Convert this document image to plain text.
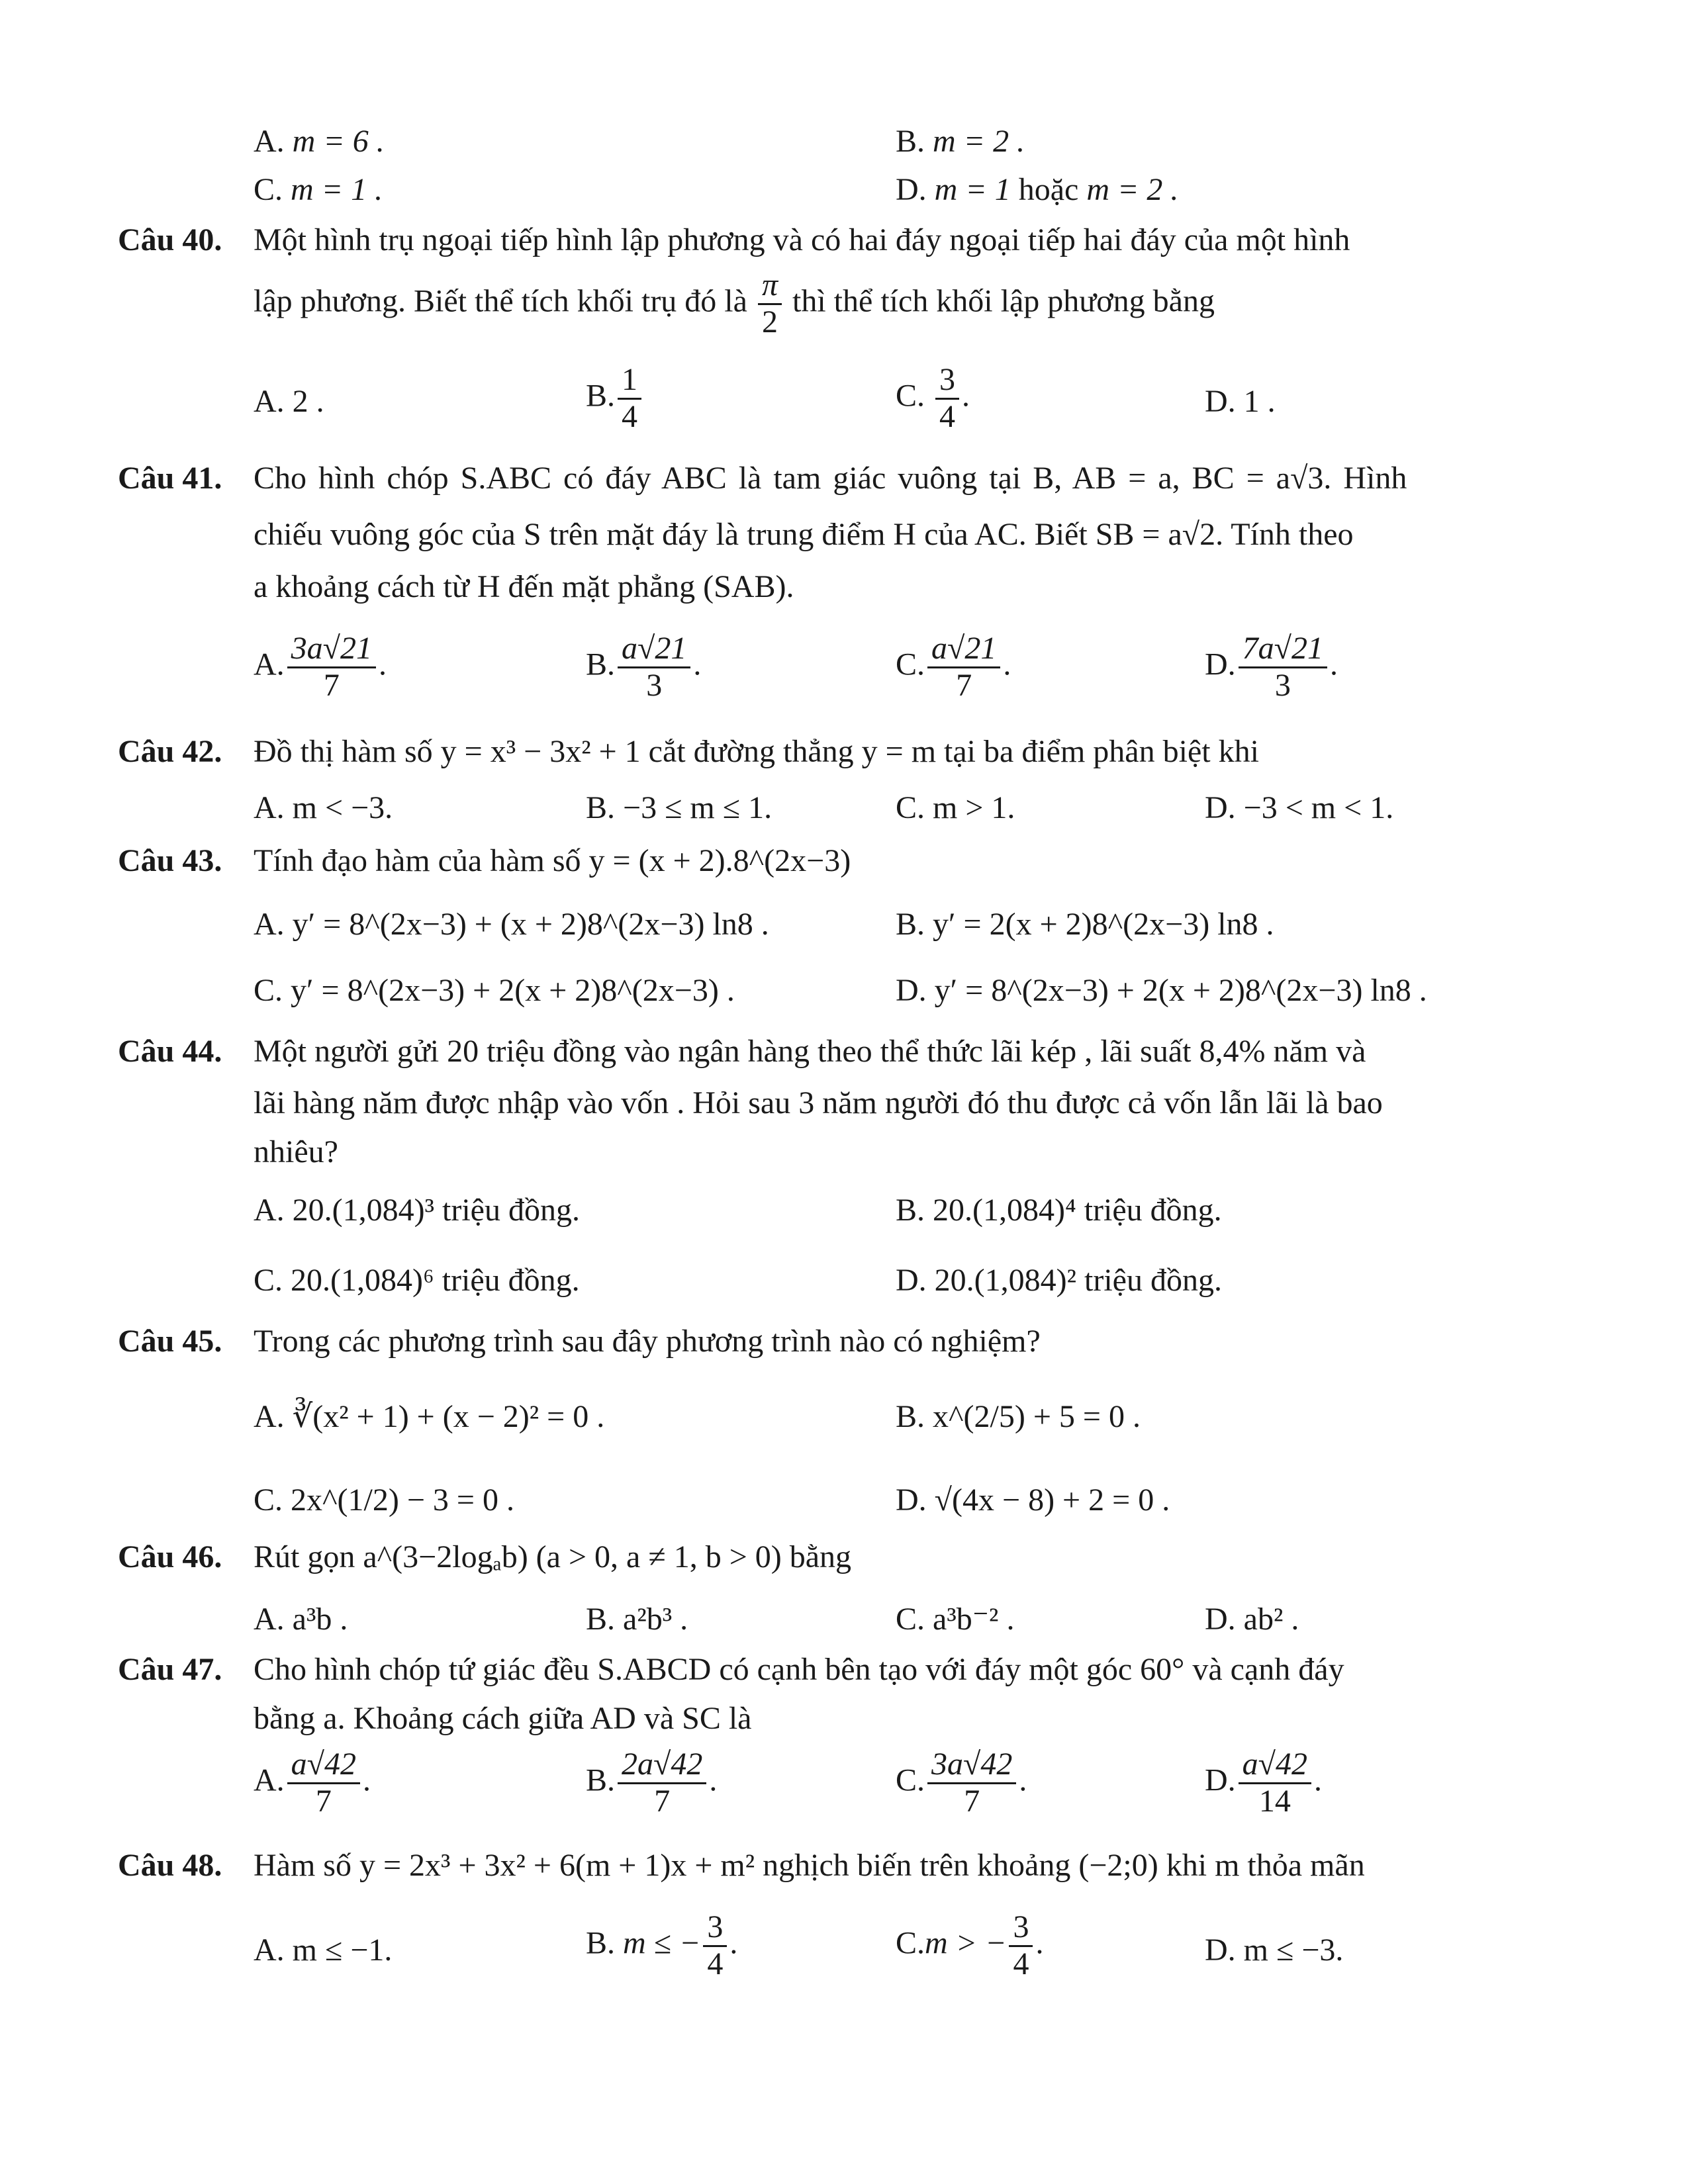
A. m = 6 .	B. m = 2 .
C. m = 1 .	D. m = 1 hoặc m = 2 .
Câu 40. Một hình trụ ngoại tiếp hình lập phương và có hai đáy ngoại tiếp hai đáy của một hình
lập phương. Biết thể tích khối trụ đó là $\frac{\pi}{2}$ thì thể tích khối lập phương bằng
A. 2 .	B. $\frac{1}{4}$	C. $\frac{3}{4}$ .	D. 1 .
Câu 41. Cho hình chóp S.ABC có đáy ABC là tam giác vuông tại B, AB = a, BC = a√3. Hình
chiếu vuông góc của S trên mặt đáy là trung điểm H của AC. Biết SB = a√2. Tính theo
a khoảng cách từ H đến mặt phẳng (SAB).
A. $\frac{3a√21}{7}$ .	B. $\frac{a√21}{3}$ .	C. $\frac{a√21}{7}$ .	D. $\frac{7a√21}{3}$ .
Câu 42. Đồ thị hàm số y = x³ − 3x² + 1 cắt đường thẳng y = m tại ba điểm phân biệt khi
A. m < −3.	B. −3 ≤ m ≤ 1.	C. m > 1.	D. −3 < m < 1.
Câu 43. Tính đạo hàm của hàm số y = (x + 2).8^(2x−3)
A. y′ = 8^(2x−3) + (x + 2)8^(2x−3) ln8 .	B. y′ = 2(x + 2)8^(2x−3) ln8 .
C. y′ = 8^(2x−3) + 2(x + 2)8^(2x−3) .	D. y′ = 8^(2x−3) + 2(x + 2)8^(2x−3) ln8 .
Câu 44. Một người gửi 20 triệu đồng vào ngân hàng theo thể thức lãi kép , lãi suất 8,4% năm và
lãi hàng năm được nhập vào vốn . Hỏi sau 3 năm người đó thu được cả vốn lẫn lãi là bao
nhiêu?
A. 20.(1,084)³ triệu đồng.	B. 20.(1,084)⁴ triệu đồng.
C. 20.(1,084)⁶ triệu đồng.	D. 20.(1,084)² triệu đồng.
Câu 45. Trong các phương trình sau đây phương trình nào có nghiệm?
A. ∛(x² + 1) + (x − 2)² = 0 .	B. x^(2/5) + 5 = 0 .
C. 2x^(1/2) − 3 = 0 .	D. √(4x − 8) + 2 = 0 .
Câu 46. Rút gọn a^(3−2logₐb) (a > 0, a ≠ 1, b > 0) bằng
A. a³b .	B. a²b³ .	C. a³b⁻² .	D. ab² .
Câu 47. Cho hình chóp tứ giác đều S.ABCD có cạnh bên tạo với đáy một góc 60° và cạnh đáy
bằng a. Khoảng cách giữa AD và SC là
A. $\frac{a√42}{7}$ .	B. $\frac{2a√42}{7}$ .	C. $\frac{3a√42}{7}$ .	D. $\frac{a√42}{14}$ .
Câu 48. Hàm số y = 2x³ + 3x² + 6(m + 1)x + m² nghịch biến trên khoảng (−2;0) khi m thỏa mãn
A. m ≤ −1.	B. m ≤ − $\frac{3}{4}$ .	C.m > − $\frac{3}{4}$ .	D. m ≤ −3.
